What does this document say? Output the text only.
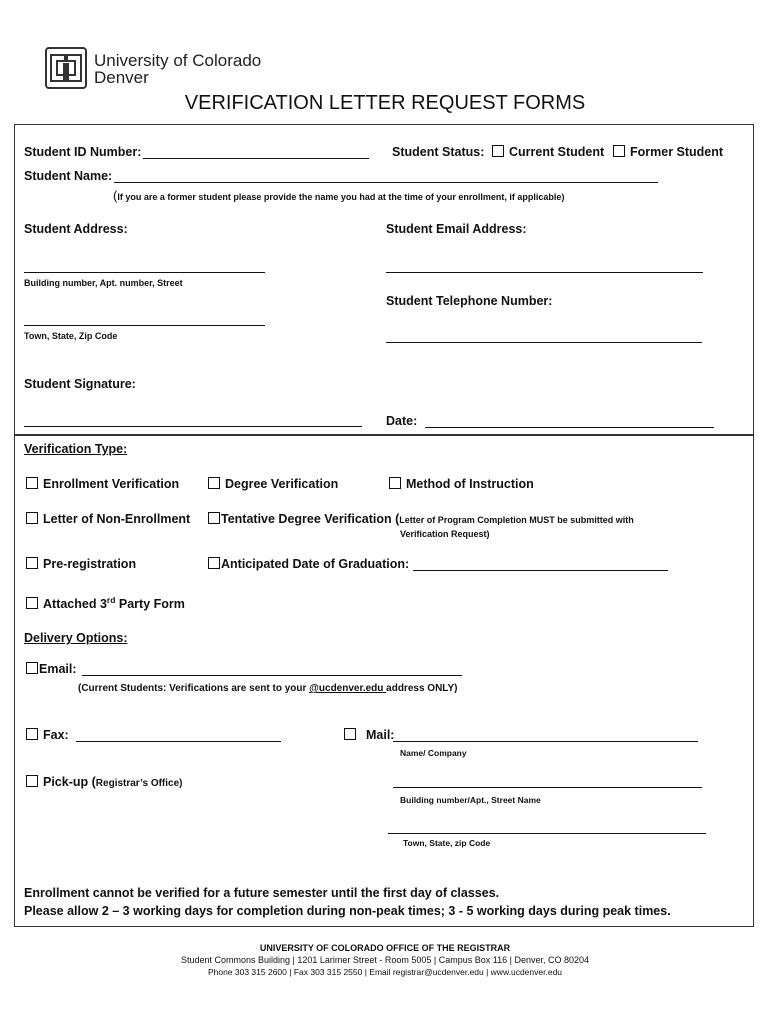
University of Colorado
Denver
VERIFICATION LETTER REQUEST FORMS
Student ID Number:	Student Status:	Current Student	Former Student
Student Name:
(If you are a former student please provide the name you had at the time of your enrollment, if applicable)
Student Address:	Student Email Address:
Building number, Apt. number, Street
Student Telephone Number:
Town, State, Zip Code
Student Signature:
Date:
Verification Type:
Enrollment Verification	Degree Verification	Method of Instruction
Letter of Non-Enrollment	Tentative Degree Verification (Letter of Program Completion MUST be submitted with
Verification Request)
Pre-registration	Anticipated Date of Graduation:
Attached 3rd Party Form
Delivery Options:
Email:
(Current Students: Verifications are sent to your @ucdenver.edu address ONLY)
Fax:	Mail:
Name/ Company
Pick-up (Registrar’s Office)
Building number/Apt., Street Name
Town, State, zip Code
Enrollment cannot be verified for a future semester until the first day of classes.
Please allow 2 – 3 working days for completion during non-peak times; 3 - 5 working days during peak times.
UNIVERSITY OF COLORADO OFFICE OF THE REGISTRAR
Student Commons Building | 1201 Larimer Street - Room 5005 | Campus Box 116 | Denver, CO 80204
Phone 303 315 2600 | Fax 303 315 2550 | Email registrar@ucdenver.edu | www.ucdenver.edu
